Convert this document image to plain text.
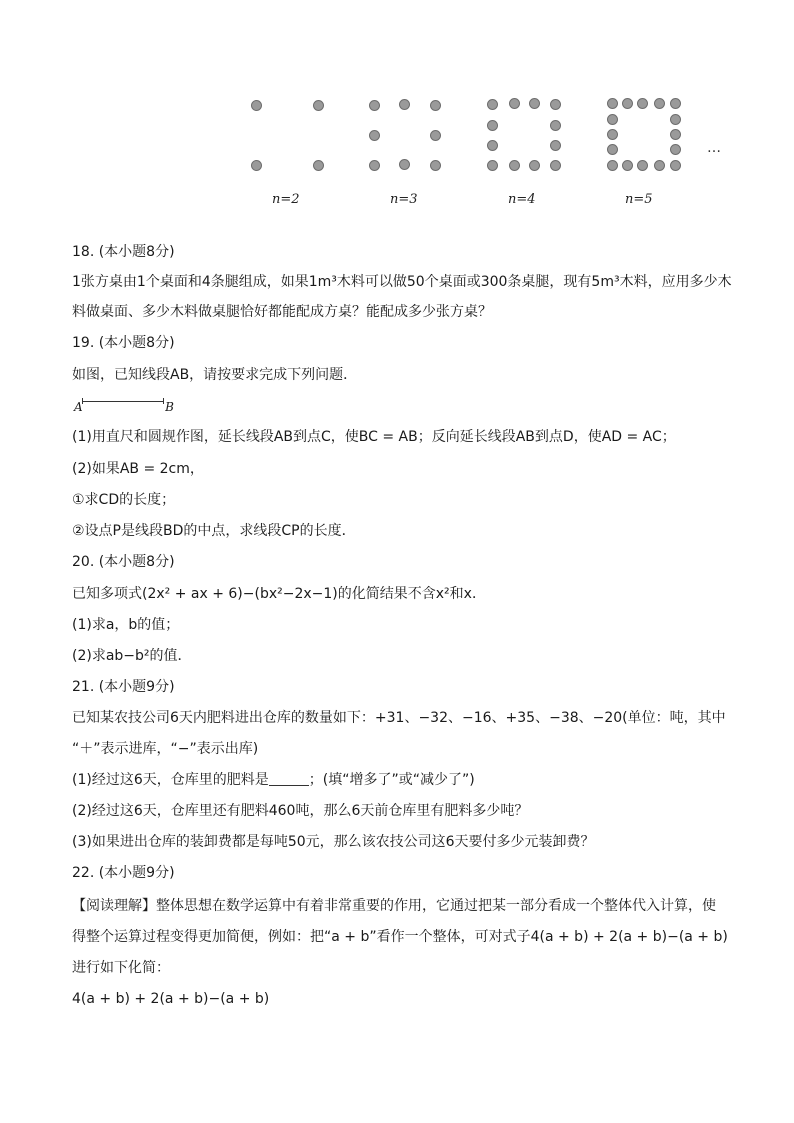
n=2	n=3	n=4	n=5
…
18. (本小题8分)
1张方桌由1个桌面和4条腿组成，如果1m³木料可以做50个桌面或300条桌腿，现有5m³木料，应用多少木
料做桌面、多少木料做桌腿恰好都能配成方桌？能配成多少张方桌？
19. (本小题8分)
如图，已知线段AB，请按要求完成下列问题．
A	B
(1)用直尺和圆规作图，延长线段AB到点C，使BC = AB；反向延长线段AB到点D，使AD = AC；
(2)如果AB = 2cm，
①求CD的长度；
②设点P是线段BD的中点，求线段CP的长度．
20. (本小题8分)
已知多项式(2x² + ax + 6)−(bx²−2x−1)的化简结果不含x²和x．
(1)求a，b的值；
(2)求ab−b²的值．
21. (本小题9分)
已知某农技公司6天内肥料进出仓库的数量如下：+31、−32、−16、+35、−38、−20(单位：吨，其中
“＋”表示进库，“−”表示出库)
(1)经过这6天，仓库里的肥料是	；(填“增多了”或“减少了”)
(2)经过这6天，仓库里还有肥料460吨，那么6天前仓库里有肥料多少吨？
(3)如果进出仓库的装卸费都是每吨50元，那么该农技公司这6天要付多少元装卸费？
22. (本小题9分)
【阅读理解】整体思想在数学运算中有着非常重要的作用，它通过把某一部分看成一个整体代入计算，使
得整个运算过程变得更加简便，例如：把“a + b”看作一个整体，可对式子4(a + b) + 2(a + b)−(a + b)
进行如下化简：
4(a + b) + 2(a + b)−(a + b)
